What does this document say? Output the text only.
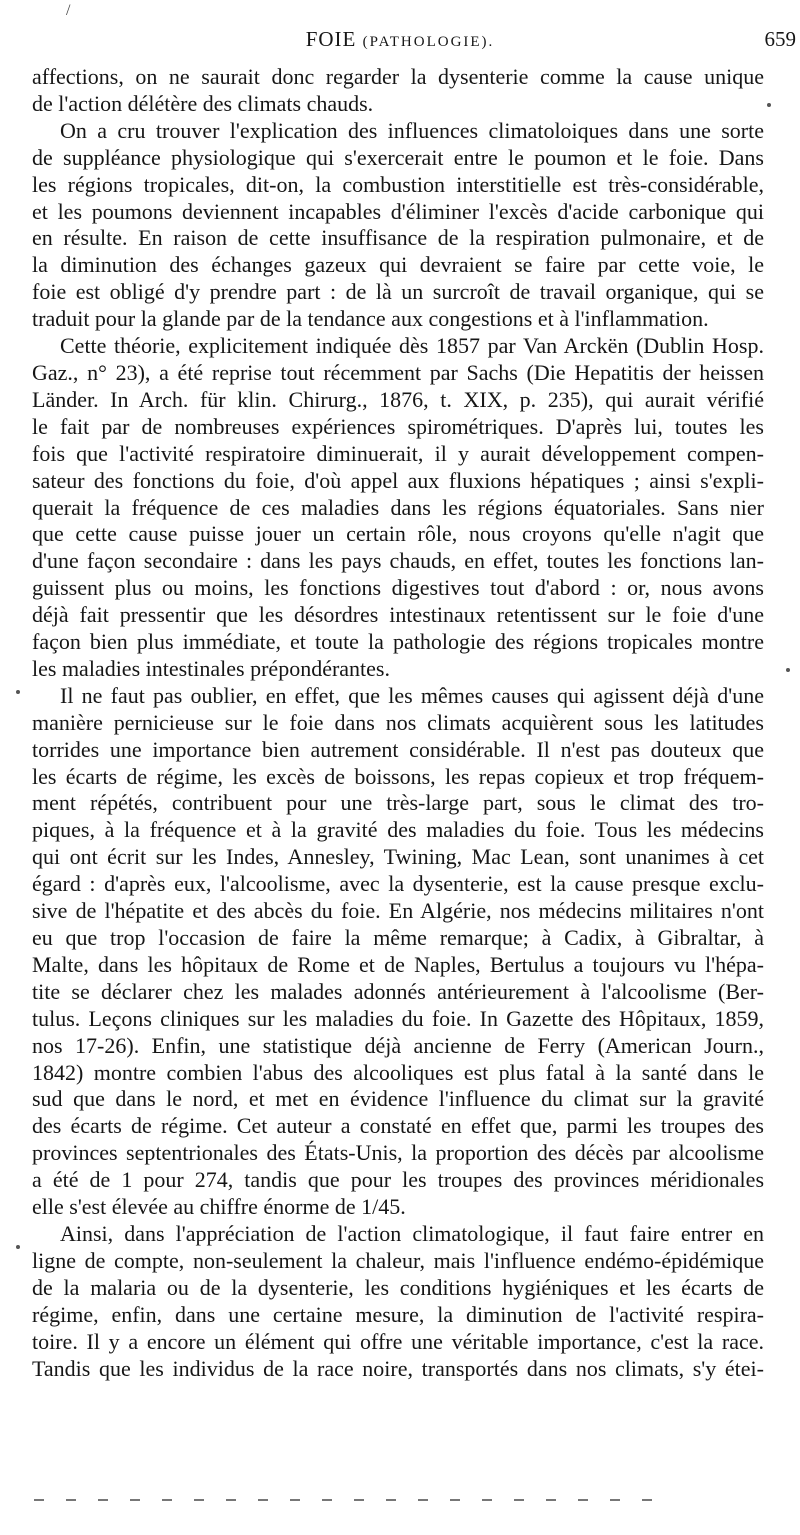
/
FOIE (PATHOLOGIE).	659

affections, on ne saurait donc regarder la dysenterie comme la cause unique
de l'action délétère des climats chauds.

On a cru trouver l'explication des influences climatoloiques dans une sorte
de suppléance physiologique qui s'exercerait entre le poumon et le foie. Dans
les régions tropicales, dit-on, la combustion interstitielle est très-considérable,
et les poumons deviennent incapables d'éliminer l'excès d'acide carbonique qui
en résulte. En raison de cette insuffisance de la respiration pulmonaire, et de
la diminution des échanges gazeux qui devraient se faire par cette voie, le
foie est obligé d'y prendre part : de là un surcroît de travail organique, qui se
traduit pour la glande par de la tendance aux congestions et à l'inflammation.

Cette théorie, explicitement indiquée dès 1857 par Van Arckën (Dublin Hosp.
Gaz., n° 23), a été reprise tout récemment par Sachs (Die Hepatitis der heissen
Länder. In Arch. für klin. Chirurg., 1876, t. XIX, p. 235), qui aurait vérifié
le fait par de nombreuses expériences spirométriques. D'après lui, toutes les
fois que l'activité respiratoire diminuerait, il y aurait développement compen-
sateur des fonctions du foie, d'où appel aux fluxions hépatiques ; ainsi s'expli-
querait la fréquence de ces maladies dans les régions équatoriales. Sans nier
que cette cause puisse jouer un certain rôle, nous croyons qu'elle n'agit que
d'une façon secondaire : dans les pays chauds, en effet, toutes les fonctions lan-
guissent plus ou moins, les fonctions digestives tout d'abord : or, nous avons
déjà fait pressentir que les désordres intestinaux retentissent sur le foie d'une
façon bien plus immédiate, et toute la pathologie des régions tropicales montre
les maladies intestinales prépondérantes.

Il ne faut pas oublier, en effet, que les mêmes causes qui agissent déjà d'une
manière pernicieuse sur le foie dans nos climats acquièrent sous les latitudes
torrides une importance bien autrement considérable. Il n'est pas douteux que
les écarts de régime, les excès de boissons, les repas copieux et trop fréquem-
ment répétés, contribuent pour une très-large part, sous le climat des tro-
piques, à la fréquence et à la gravité des maladies du foie. Tous les médecins
qui ont écrit sur les Indes, Annesley, Twining, Mac Lean, sont unanimes à cet
égard : d'après eux, l'alcoolisme, avec la dysenterie, est la cause presque exclu-
sive de l'hépatite et des abcès du foie. En Algérie, nos médecins militaires n'ont
eu que trop l'occasion de faire la même remarque; à Cadix, à Gibraltar, à
Malte, dans les hôpitaux de Rome et de Naples, Bertulus a toujours vu l'hépa-
tite se déclarer chez les malades adonnés antérieurement à l'alcoolisme (Ber-
tulus. Leçons cliniques sur les maladies du foie. In Gazette des Hôpitaux, 1859,
nos 17-26). Enfin, une statistique déjà ancienne de Ferry (American Journ.,
1842) montre combien l'abus des alcooliques est plus fatal à la santé dans le
sud que dans le nord, et met en évidence l'influence du climat sur la gravité
des écarts de régime. Cet auteur a constaté en effet que, parmi les troupes des
provinces septentrionales des États-Unis, la proportion des décès par alcoolisme
a été de 1 pour 274, tandis que pour les troupes des provinces méridionales
elle s'est élevée au chiffre énorme de 1/45.

Ainsi, dans l'appréciation de l'action climatologique, il faut faire entrer en
ligne de compte, non-seulement la chaleur, mais l'influence endémo-épidémique
de la malaria ou de la dysenterie, les conditions hygiéniques et les écarts de
régime, enfin, dans une certaine mesure, la diminution de l'activité respira-
toire. Il y a encore un élément qui offre une véritable importance, c'est la race.
Tandis que les individus de la race noire, transportés dans nos climats, s'y étei-
